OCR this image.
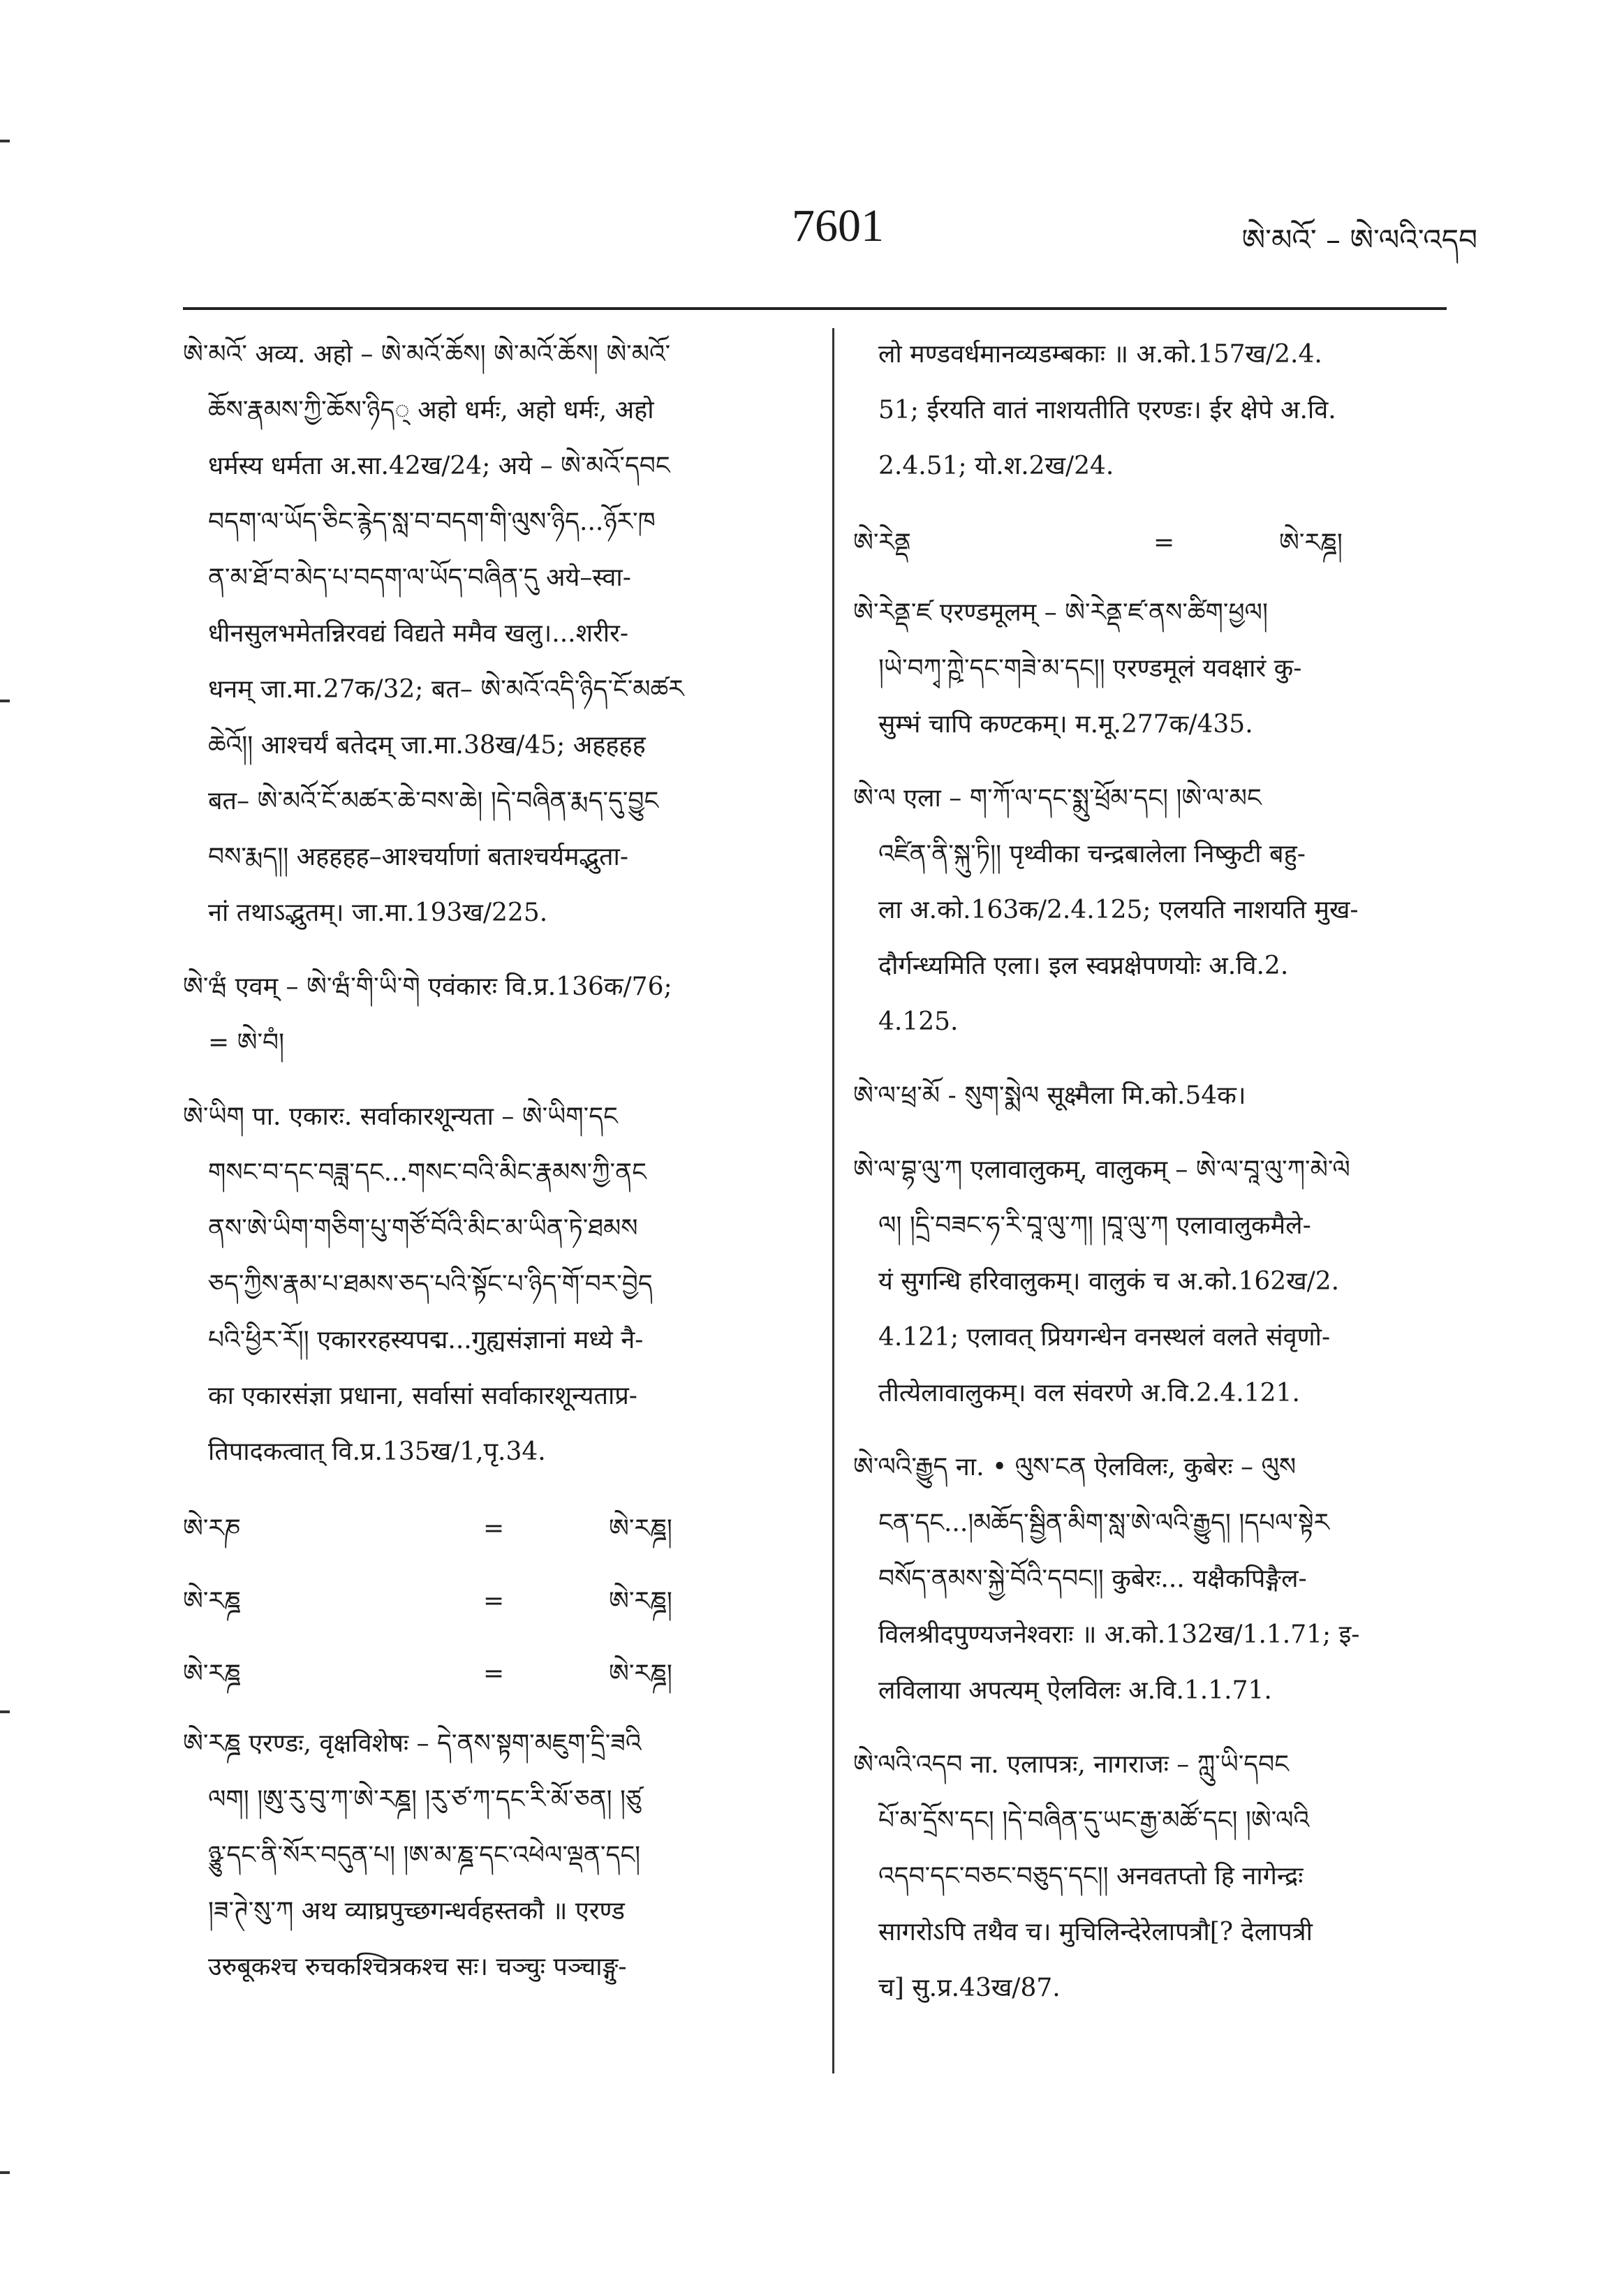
7601	ཨེ་མའོ་ – ཨེ་ལའི་འདབ

ཨེ་མའོ་ अव्य. अहो – ཨེ་མའོ་ཆོས། ཨེ་མའོ་ཆོས། ཨེ་མའོ་

ཆོས་རྣམས་ཀྱི་ཆོས་ཉིད् अहो धर्मः, अहो धर्मः, अहो

धर्मस्य धर्मता अ.सा.42ख/24; अये – ཨེ་མའོ་དབང

བདག་ལ་ཡོད་ཅིང་རྙེད་སླ་བ་བདག་གི་ལུས་ཉིད...ཉོར་ཁ

ན་མ་ཐོ་བ་མེད་པ་བདག་ལ་ཡོད་བཞིན་དུ अये–स्वा-

धीनसुलभमेतन्निरवद्यं विद्यते ममैव खलु।...शरीर-

धनम् जा.मा.27क/32; बत– ཨེ་མའོ་འདི་ཉིད་ངོ་མཚར

ཆེའོ།། आश्चर्यं बतेदम् जा.मा.38ख/45; अहहहह

बत– ཨེ་མའོ་ངོ་མཚར་ཆེ་བས་ཆེ། །དེ་བཞིན་རྨད་དུ་བྱུང

བས་རྨད།། अहहहह–आश्चर्याणां बताश्चर्यमद्भुता-

नां तथाऽद्भुतम्। जा.मा.193ख/225.

ཨེ་ཝཾ एवम् – ཨེ་ཝཾ་གི་ཡི་གེ एवंकारः वि.प्र.136क/76;

= ཨེ་བཾ།

ཨེ་ཡིག पा. एकारः. सर्वाकारशून्यता – ཨེ་ཡིག་དང

གསང་བ་དང་བཟླ་དང...གསང་བའི་མིང་རྣམས་ཀྱི་ནང

ནས་ཨེ་ཡིག་གཅིག་པུ་གཙོ་བོའི་མིང་མ་ཡིན་ཏེ་ཐམས

ཅད་ཀྱིས་རྣམ་པ་ཐམས་ཅད་པའི་སྟོང་པ་ཉིད་གོ་བར་བྱེད

པའི་ཕྱིར་རོ།། एकाररहस्यपद्म...गुह्यसंज्ञानां मध्ये नै-

का एकारसंज्ञा प्रधाना, सर्वासां सर्वाकारशून्यताप्र-

तिपादकत्वात् वि.प्र.135ख/1,पृ.34.

ཨེ་རཎ	=	ཨེ་རཎྜ།
ཨེ་རཎྜ	=	ཨེ་རཎྜ།
ཨེ་རཎྜ	=	ཨེ་རཎྜ།

ཨེ་རཎྜ एरण्डः, वृक्षविशेषः – དེ་ནས་སྟག་མཇུག་དྲི་ཟའི

ལག། །ཨུ་རུ་བུ་ཀ་ཨེ་རཎྜ། །རུ་ཙ་ཀ་དང་རི་མོ་ཅན། །ཙུ

ཉྩུ་དང་ནི་སོར་བདུན་པ། །ཨ་མ་ཎྜ་དང་འཕེལ་ལྡན་དང།

།ཟ་ཊེ་སུ་ཀ अथ व्याघ्रपुच्छगन्धर्वहस्तकौ ॥ एरण्ड

उरुबूकश्च रुचकश्चित्रकश्च सः। चञ्चुः पञ्चाङ्गु-

लो मण्डवर्धमानव्यडम्बकाः ॥ अ.को.157ख/2.4.

51; ईरयति वातं नाशयतीति एरण्डः। ईर क्षेपे अ.वि.

2.4.51; यो.श.2ख/24.

ཨེ་རེནྡ	=	ཨེ་རཎྜ།

ཨེ་རེནྡ་ཛ एरण्डमूलम् – ཨེ་རེནྡ་ཛ་ནས་ཚིག་ཕྱལ།

།ཡེ་བཀྭ་ཀྵེ་དང་གཟེ་མ་དང།། एरण्डमूलं यवक्षारं कु-

सुम्भं चापि कण्टकम्। म.मू.277क/435.

ཨེ་ལ एला – ག་ཀོ་ལ་དང་སྨུ་ཕྲོམ་དང། །ཨེ་ལ་མང

འཛིན་ནི་སྐུ་ཏི།། पृथ्वीका चन्द्रबालेला निष्कुटी बहु-

ला अ.को.163क/2.4.125; एलयति नाशयति मुख-

दौर्गन्ध्यमिति एला। इल स्वप्नक्षेपणयोः अ.वि.2.

4.125.

ཨེ་ལ་ཕྲ་མོ - སུག་སྨེལ सूक्ष्मैला मि.को.54क।

ཨེ་ལ་བྷ་ལུ་ཀ एलावालुकम्, वालुकम् – ཨེ་ལ་བཱ་ལུ་ཀ་མེ་ལེ

ལ། །དྲི་བཟང་ཧ་རི་བཱ་ལུ་ཀ། །བཱ་ལུ་ཀ एलावालुकमैले-

यं सुगन्धि हरिवालुकम्। वालुकं च अ.को.162ख/2.

4.121; एलावत् प्रियगन्धेन वनस्थलं वलते संवृणो-

तीत्येलावालुकम्। वल संवरणे अ.वि.2.4.121.

ཨེ་ལའི་རྒྱུད ना. • ལུས་ངན ऐलविलः, कुबेरः – ལུས

ངན་དང...།མཆོད་སྦྱིན་མིག་སླ་ཨེ་ལའི་རྒྱུད། །དཔལ་སྟེར

བསོད་ནམས་སྐྱེ་བོའི་དབང།། कुबेरः... यक्षैकपिङ्गैल-

विलश्रीदपुण्यजनेश्वराः ॥ अ.को.132ख/1.1.71; इ-

लविलाया अपत्यम् ऐलविलः अ.वि.1.1.71.

ཨེ་ལའི་འདབ ना. एलापत्रः, नागराजः – ཀླུ་ཡི་དབང

པོ་མ་དྲོས་དང། །དེ་བཞིན་དུ་ཡང་རྒྱ་མཚོ་དང། །ཨེ་ལའི

འདབ་དང་བཅང་བཅུད་དང།། अनवतप्तो हि नागेन्द्रः

सागरोऽपि तथैव च। मुचिलिन्देरेलापत्रौ[? देलापत्री

च] सु.प्र.43ख/87.
